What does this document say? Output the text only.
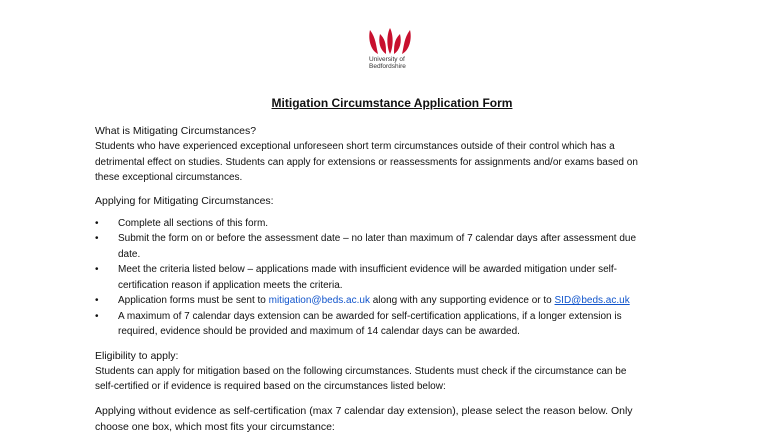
University of
Bedfordshire
Mitigation Circumstance Application Form
What is Mitigating Circumstances?
Students who have experienced exceptional unforeseen short term circumstances outside of their control which has a
detrimental effect on studies. Students can apply for extensions or reassessments for assignments and/or exams based on
these exceptional circumstances.
Applying for Mitigating Circumstances:
• Complete all sections of this form.
• Submit the form on or before the assessment date – no later than maximum of 7 calendar days after assessment due
date.
• Meet the criteria listed below – applications made with insufficient evidence will be awarded mitigation under self-
certification reason if application meets the criteria.
• Application forms must be sent to mitigation@beds.ac.uk along with any supporting evidence or to SID@beds.ac.uk
• A maximum of 7 calendar days extension can be awarded for self-certification applications, if a longer extension is
required, evidence should be provided and maximum of 14 calendar days can be awarded.
Eligibility to apply:
Students can apply for mitigation based on the following circumstances. Students must check if the circumstance can be
self-certified or if evidence is required based on the circumstances listed below:
Applying without evidence as self-certification (max 7 calendar day extension), please select the reason below. Only
choose one box, which most fits your circumstance:
